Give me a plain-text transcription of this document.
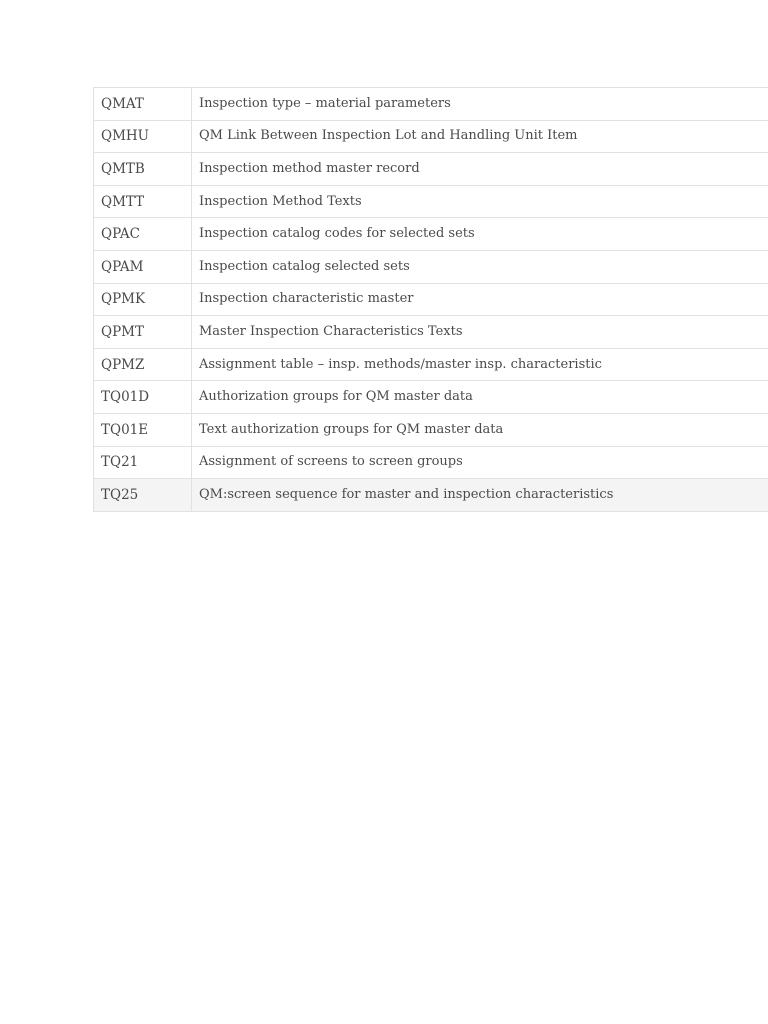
QMAT	Inspection type – material parameters
QMHU	QM Link Between Inspection Lot and Handling Unit Item
QMTB	Inspection method master record
QMTT	Inspection Method Texts
QPAC	Inspection catalog codes for selected sets
QPAM	Inspection catalog selected sets
QPMK	Inspection characteristic master
QPMT	Master Inspection Characteristics Texts
QPMZ	Assignment table – insp. methods/master insp. characteristic
TQ01D	Authorization groups for QM master data
TQ01E	Text authorization groups for QM master data
TQ21	Assignment of screens to screen groups
TQ25	QM:screen sequence for master and inspection characteristics
